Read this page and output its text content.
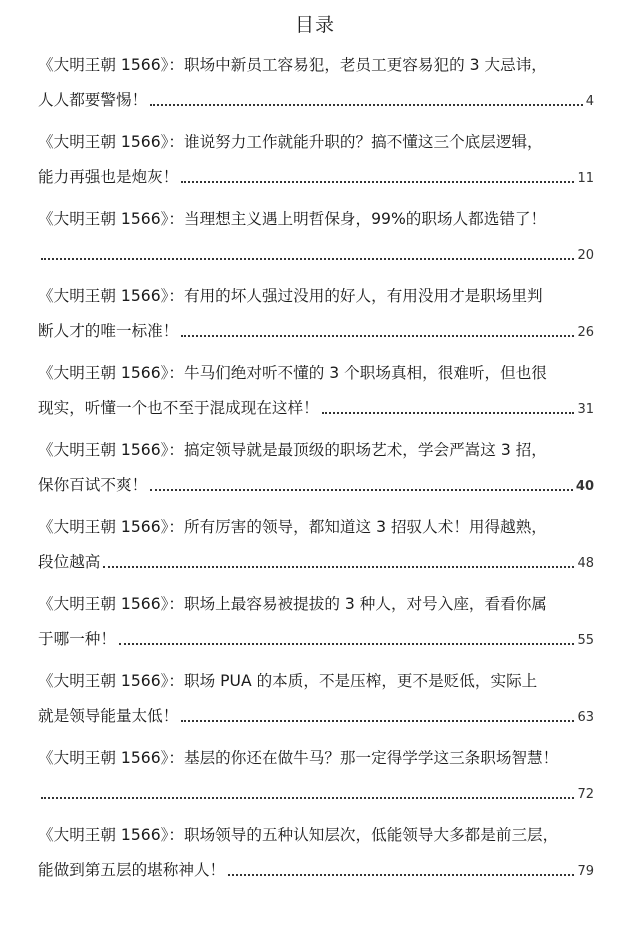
目录
《大明王朝 1566》：职场中新员工容易犯，老员工更容易犯的 3 大忌讳，
人人都要警惕！	4
《大明王朝 1566》：谁说努力工作就能升职的？搞不懂这三个底层逻辑，
能力再强也是炮灰！	11
《大明王朝 1566》：当理想主义遇上明哲保身，99%的职场人都选错了！
20
《大明王朝 1566》：有用的坏人强过没用的好人，有用没用才是职场里判
断人才的唯一标准！	26
《大明王朝 1566》：牛马们绝对听不懂的 3 个职场真相，很难听，但也很
现实，听懂一个也不至于混成现在这样！	31
《大明王朝 1566》：搞定领导就是最顶级的职场艺术，学会严嵩这 3 招，
保你百试不爽！	40
《大明王朝 1566》：所有厉害的领导，都知道这 3 招驭人术！用得越熟，
段位越高	48
《大明王朝 1566》：职场上最容易被提拔的 3 种人，对号入座，看看你属
于哪一种！	55
《大明王朝 1566》：职场 PUA 的本质，不是压榨，更不是贬低，实际上
就是领导能量太低！	63
《大明王朝 1566》：基层的你还在做牛马？那一定得学学这三条职场智慧！
72
《大明王朝 1566》：职场领导的五种认知层次，低能领导大多都是前三层，
能做到第五层的堪称神人！	79
